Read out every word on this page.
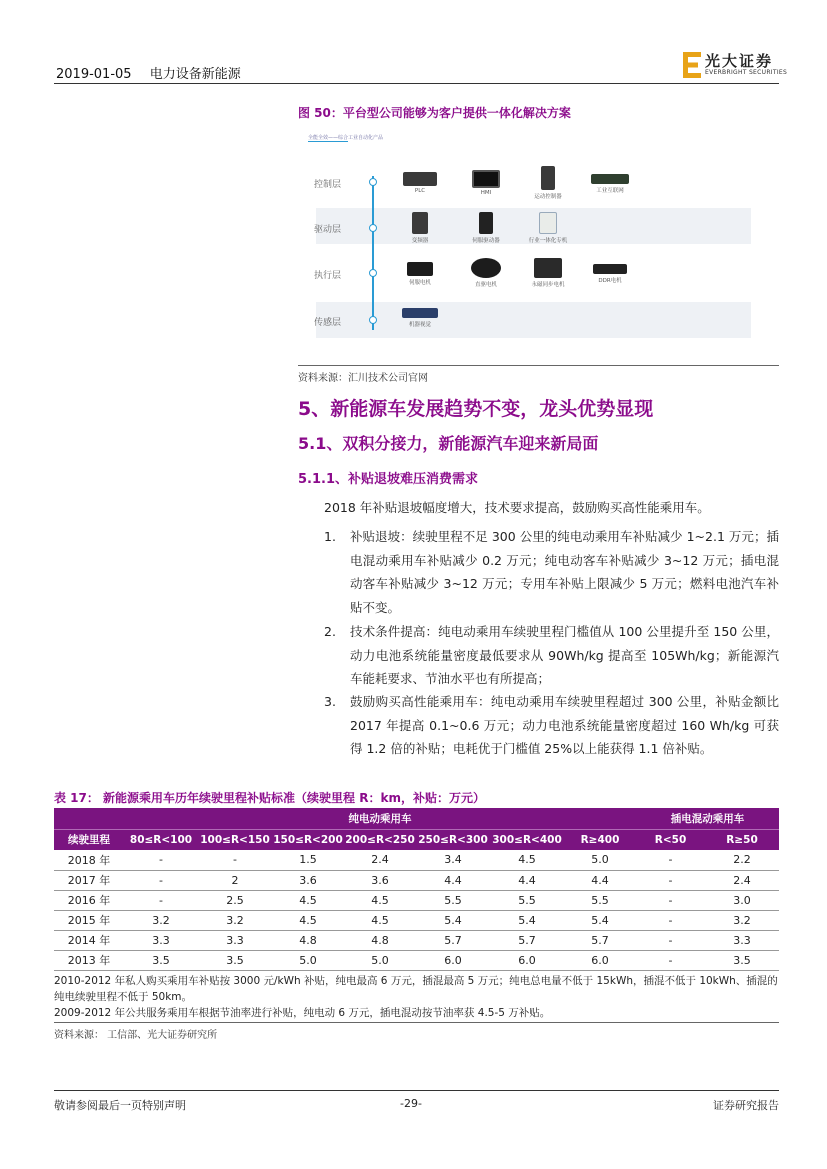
2019-01-05 电力设备新能源
光大证券
EVERBRIGHT SECURITIES
图 50：平台型公司能够为客户提供一体化解决方案
全能全效——综合工业自动化产品
控制层
驱动层
执行层
传感层
PLC	HMI
运动控制器
工业互联网
变频器	伺服驱动器	行业一体化专机
伺服电机	直驱电机	永磁同步电机
DDR电机
机器视觉
资料来源：汇川技术公司官网
5、新能源车发展趋势不变，龙头优势显现
5.1、双积分接力，新能源汽车迎来新局面
5.1.1、补贴退坡难压消费需求
2018 年补贴退坡幅度增大，技术要求提高，鼓励购买高性能乘用车。
1. 补贴退坡：续驶里程不足 300 公里的纯电动乘用车补贴减少 1~2.1 万元；插电混动乘用车补贴减少 0.2 万元；纯电动客车补贴减少 3~12 万元；插电混动客车补贴减少 3~12 万元；专用车补贴上限减少 5 万元；燃料电池汽车补贴不变。
2. 技术条件提高：纯电动乘用车续驶里程门槛值从 100 公里提升至 150 公里，动力电池系统能量密度最低要求从 90Wh/kg 提高至 105Wh/kg；新能源汽车能耗要求、节油水平也有所提高；
3. 鼓励购买高性能乘用车：纯电动乘用车续驶里程超过 300 公里，补贴金额比 2017 年提高 0.1~0.6 万元；动力电池系统能量密度超过 160 Wh/kg 可获得 1.2 倍的补贴；电耗优于门槛值 25%以上能获得 1.1 倍补贴。
表 17： 新能源乘用车历年续驶里程补贴标准（续驶里程 R：km，补贴：万元）
	纯电动乘用车							插电混动乘用车	
续驶里程	80≤R<100	100≤R<150	150≤R<200	200≤R<250	250≤R<300	300≤R<400	R≥400	R<50	R≥50
2018 年	-	-	1.5	2.4	3.4	4.5	5.0	-	2.2
2017 年	-	2	3.6	3.6	4.4	4.4	4.4	-	2.4
2016 年	-	2.5	4.5	4.5	5.5	5.5	5.5	-	3.0
2015 年	3.2	3.2	4.5	4.5	5.4	5.4	5.4	-	3.2
2014 年	3.3	3.3	4.8	4.8	5.7	5.7	5.7	-	3.3
2013 年	3.5	3.5	5.0	5.0	6.0	6.0	6.0	-	3.5
2010-2012 年私人购买乘用车补贴按 3000 元/kWh 补贴，纯电最高 6 万元，插混最高 5 万元；纯电总电量不低于 15kWh，插混不低于 10kWh、插混的纯电续驶里程不低于 50km。
2009-2012 年公共服务乘用车根据节油率进行补贴，纯电动 6 万元，插电混动按节油率获 4.5-5 万补贴。
资料来源： 工信部、光大证券研究所
敬请参阅最后一页特别声明	-29-	证券研究报告
